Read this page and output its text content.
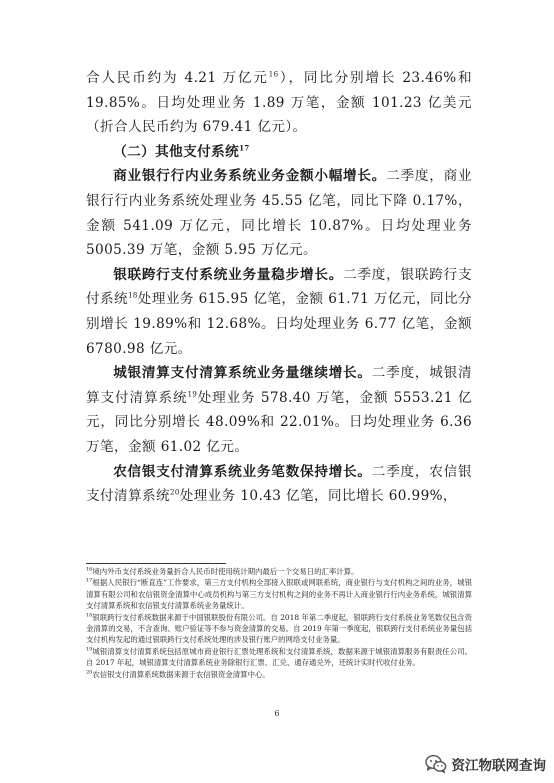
合人民币约为 4.21 万亿元$^{16}$），同比分别增长 23.46%和 19.85%。日均处理业务 1.89 万笔，金额 101.23 亿美元（折合人民币约为 679.41 亿元）。

（二）其他支付系统$^{17}$

商业银行行内业务系统业务金额小幅增长。二季度，商业银行行内业务系统处理业务 45.55 亿笔，同比下降 0.17%，金额 541.09 万亿元，同比增长 10.87%。日均处理业务 5005.39 万笔，金额 5.95 万亿元。

银联跨行支付系统业务量稳步增长。二季度，银联跨行支付系统$^{18}$处理业务 615.95 亿笔，金额 61.71 万亿元，同比分别增长 19.89%和 12.68%。日均处理业务 6.77 亿笔，金额 6780.98 亿元。

城银清算支付清算系统业务量继续增长。二季度，城银清算支付清算系统$^{19}$处理业务 578.40 万笔，金额 5553.21 亿元，同比分别增长 48.09%和 22.01%。日均处理业务 6.36 万笔，金额 61.02 亿元。

农信银支付清算系统业务笔数保持增长。二季度，农信银支付清算系统$^{20}$处理业务 10.43 亿笔，同比增长 60.99%，

$^{16}$境内外币支付系统业务量折合人民币时使用统计期内最后一个交易日的汇率计算。

$^{17}$根据人民银行“断直连”工作要求，第三方支付机构全部接入银联或网联系统，商业银行与支付机构之间的业务，城银清算有限公司和农信银资金清算中心成员机构与第三方支付机构之间的业务不再计入商业银行行内业务系统，城银清算支付清算系统和农信银支付清算系统业务量统计。

$^{18}$银联跨行支付系统数据来源于中国银联股份有限公司。自 2018 年第二季度起，银联跨行支付系统业务笔数仅包含资金清算的交易，不含查询、账户验证等不参与资金清算的交易。自 2019 年第一季度起，银联跨行支付系统业务量包括支付机构发起的通过银联跨行支付系统处理的涉及银行账户的网络支付业务量。

$^{19}$城银清算支付清算系统包括原城市商业银行汇票处理系统和支付清算系统，数据来源于城银清算服务有限责任公司。自 2017 年起，城银清算支付清算系统业务除银行汇票、汇兑、通存通兑外，还统计实时代收付业务。

$^{20}$农信银支付清算系统数据来源于农信银资金清算中心。

6
资江物联网查询
